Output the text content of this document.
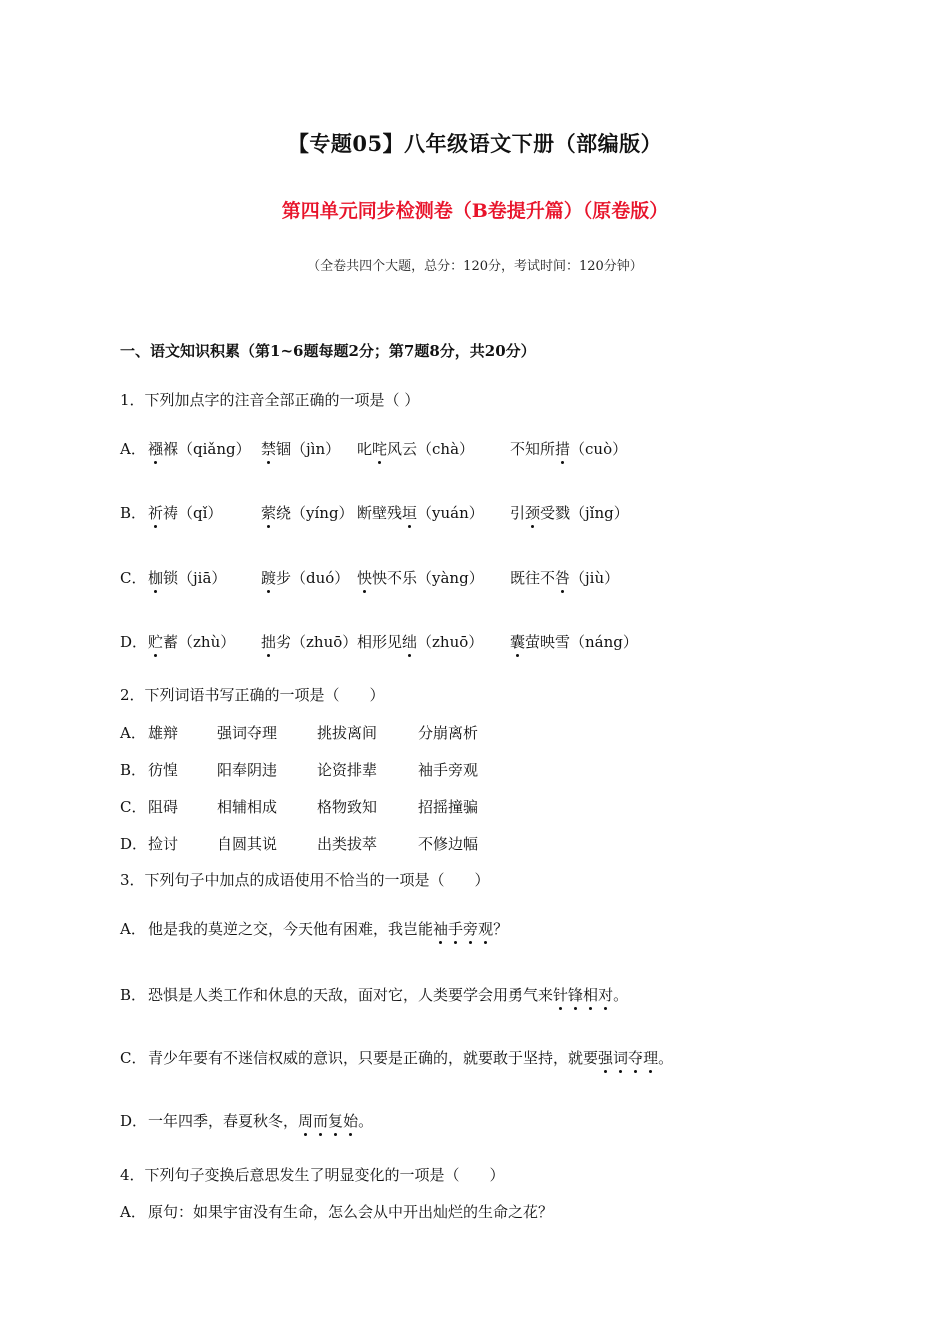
【专题05】八年级语文下册（部编版）
第四单元同步检测卷（B卷提升篇）（原卷版）
（全卷共四个大题，总分：120分，考试时间：120分钟）
一、语文知识积累（第1~6题每题2分；第7题8分，共20分）
1．下列加点字的注音全部正确的一项是（ ）
A． 襁褓（qiǎng） 禁锢（jìn） 叱咤风云（chà） 不知所措（cuò）
B． 祈祷（qǐ）	萦绕（yíng） 断壁残垣（yuán） 引颈受戮（jǐng）
C． 枷锁（jiā） 踱步（duó） 怏怏不乐（yàng） 既往不咎（jiù）
D． 贮蓄（zhù） 拙劣（zhuō） 相形见绌（zhuō） 囊萤映雪（náng）
2．下列词语书写正确的一项是（　　）
A． 雄辩	强词夺理	挑拔离间	分崩离析
B． 彷惶	阳奉阴违	论资排辈	袖手旁观
C． 阻碍	相辅相成	格物致知	招摇撞骗
D． 捡讨	自圆其说	出类拔萃	不修边幅
3．下列句子中加点的成语使用不恰当的一项是（　　）
A． 他是我的莫逆之交，今天他有困难，我岂能袖手旁观？
B． 恐惧是人类工作和休息的天敌，面对它，人类要学会用勇气来针锋相对。
C． 青少年要有不迷信权威的意识，只要是正确的，就要敢于坚持，就要强词夺理。
D．一年四季，春夏秋冬，周而复始。
4．下列句子变换后意思发生了明显变化的一项是（　　）
A． 原句：如果宇宙没有生命，怎么会从中开出灿烂的生命之花？
